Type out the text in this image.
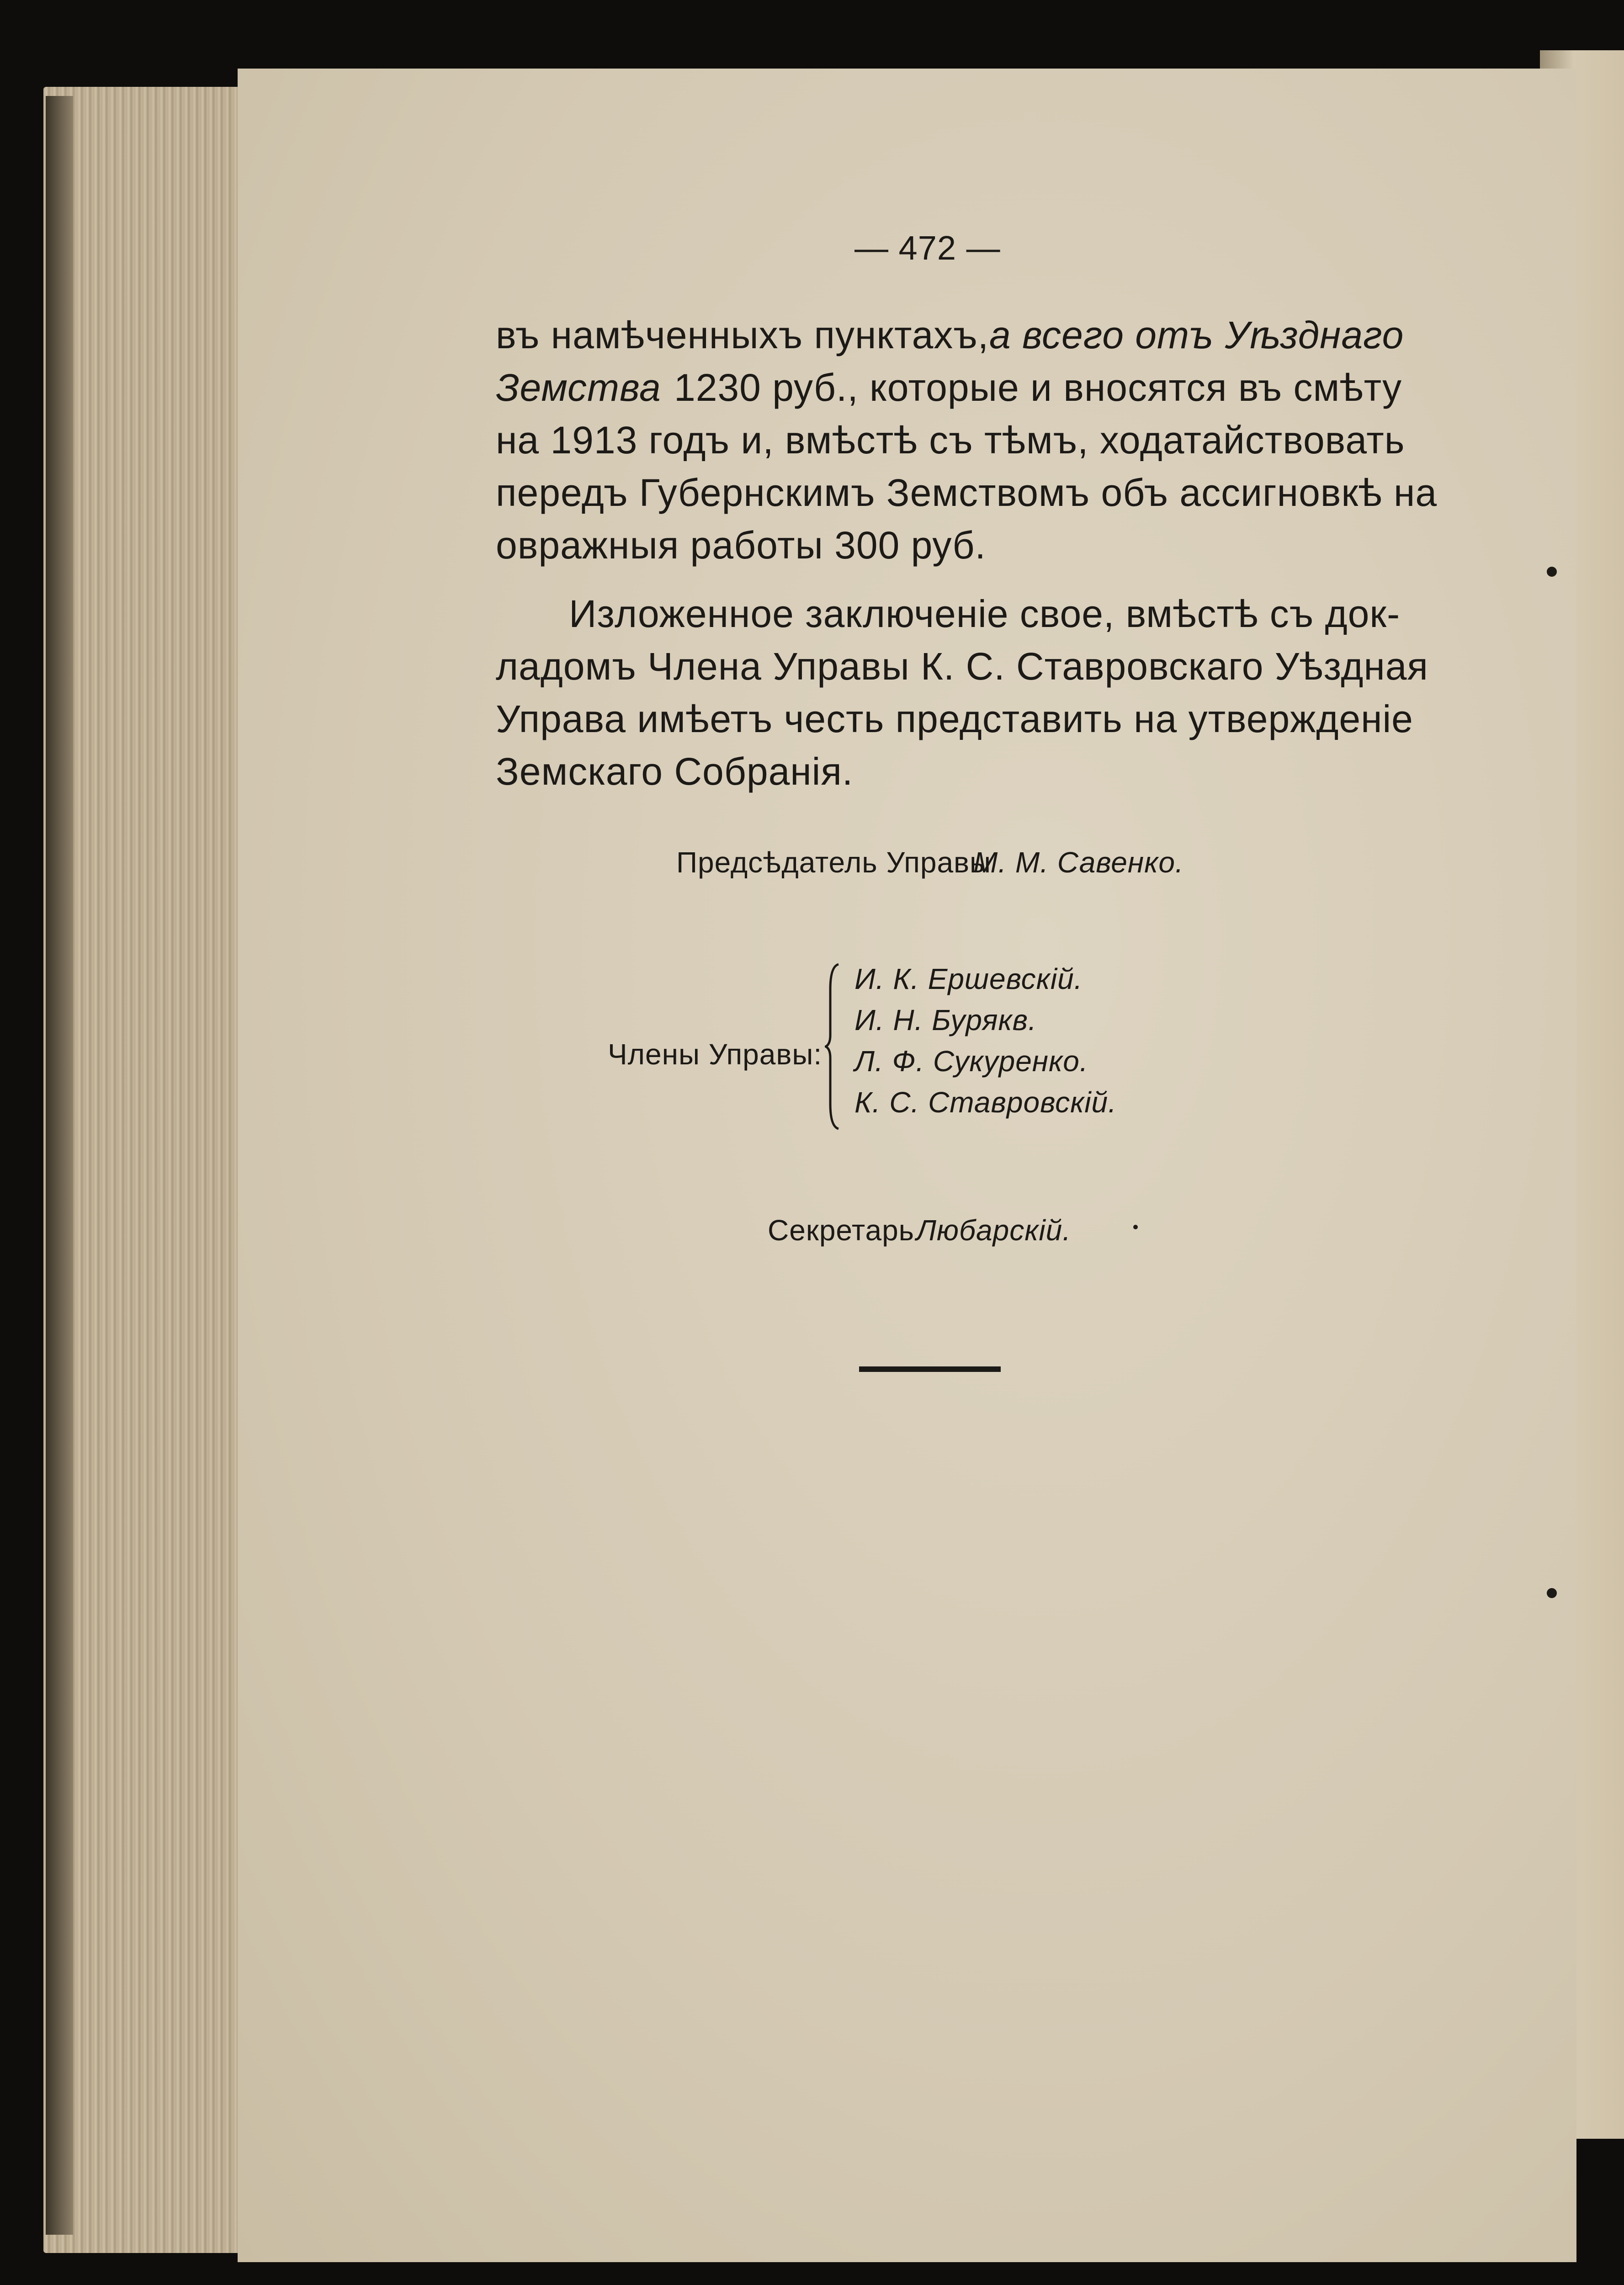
— 472 —
въ намѣченныхъ пунктахъ, а всего отъ Уѣзднаго
Земства 1230 руб., которые и вносятся въ смѣту
на 1913 годъ и, вмѣстѣ съ тѣмъ, ходатайствовать
передъ Губернскимъ Земствомъ объ ассигновкѣ на
овражныя работы 300 руб.
Изложенное заключеніе свое, вмѣстѣ съ док-
ладомъ Члена Управы К. С. Ставровскаго Уѣздная
Управа имѣетъ честь представить на утвержденіе
Земскаго Собранія.
Предсѣдатель Управы
М. М. Савенко.
Члены Управы:
И. К. Ершевскій.
И. Н. Бурякв.
Л. Ф. Сукуренко.
К. С. Ставровскій.
Секретарь Любарскій.
